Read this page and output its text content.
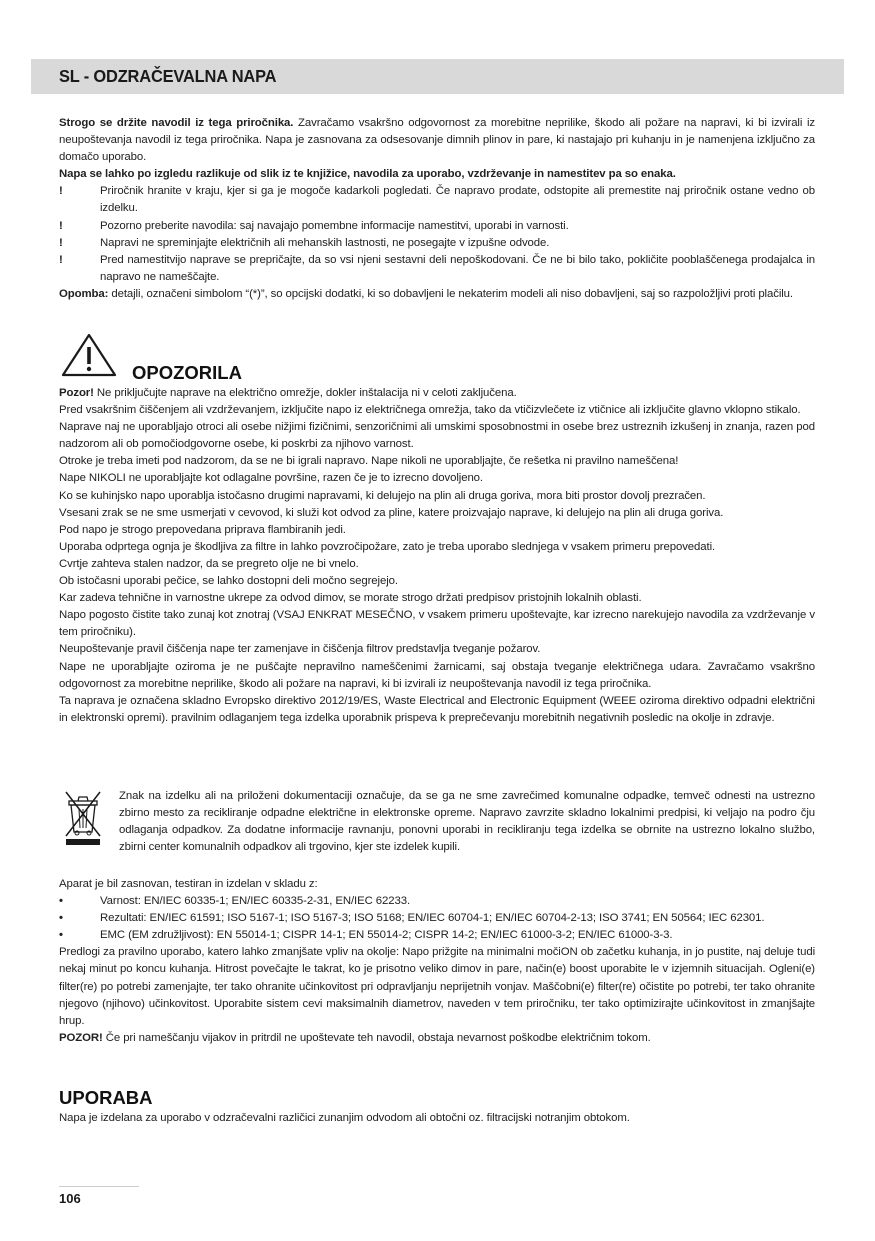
SL - ODZRAČEVALNA NAPA

Strogo se držite navodil iz tega priročnika. Zavračamo vsakršno odgovornost za morebitne neprilike, škodo ali požare na napravi, ki bi izvirali iz neupoštevanja navodil iz tega priročnika. Napa je zasnovana za odsesovanje dimnih plinov in pare, ki nastajajo pri kuhanju in je namenjena izključno za domačo uporabo.

Napa se lahko po izgledu razlikuje od slik iz te knjižice, navodila za uporabo, vzdrževanje in namestitev pa so enaka.

!	Priročnik hranite v kraju, kjer si ga je mogoče kadarkoli pogledati. Če napravo prodate, odstopite ali premestite naj priročnik ostane vedno ob izdelku.
!	Pozorno preberite navodila: saj navajajo pomembne informacije namestitvi, uporabi in varnosti.
!	Napravi ne spreminjajte električnih ali mehanskih lastnosti, ne posegajte v izpušne odvode.
!	Pred namestitvijo naprave se prepričajte, da so vsi njeni sestavni deli nepoškodovani. Če ne bi bilo tako, pokličite pooblaščenega prodajalca in napravo ne nameščajte.

Opomba: detajli, označeni simbolom “(*)”, so opcijski dodatki, ki so dobavljeni le nekaterim modeli ali niso dobavljeni, saj so razpoložljivi proti plačilu.

OPOZORILA

Pozor! Ne priključujte naprave na električno omrežje, dokler inštalacija ni v celoti zaključena.

Pred vsakršnim čiščenjem ali vzdrževanjem, izključite napo iz električnega omrežja, tako da vtičizvlečete iz vtičnice ali izključite glavno vklopno stikalo.

Naprave naj ne uporabljajo otroci ali osebe nižjimi fizičnimi, senzoričnimi ali umskimi sposobnostmi in osebe brez ustreznih izkušenj in znanja, razen pod nadzorom ali ob pomočiodgovorne osebe, ki poskrbi za njihovo varnost.

Otroke je treba imeti pod nadzorom, da se ne bi igrali napravo. Nape nikoli ne uporabljajte, če rešetka ni pravilno nameščena!

Nape NIKOLI ne uporabljajte kot odlagalne površine, razen če je to izrecno dovoljeno.

Ko se kuhinjsko napo uporablja istočasno drugimi napravami, ki delujejo na plin ali druga goriva, mora biti prostor dovolj prezračen.

Vsesani zrak se ne sme usmerjati v cevovod, ki služi kot odvod za pline, katere proizvajajo naprave, ki delujejo na plin ali druga goriva.

Pod napo je strogo prepovedana priprava flambiranih jedi.

Uporaba odprtega ognja je škodljiva za filtre in lahko povzročipožare, zato je treba uporabo slednjega v vsakem primeru prepovedati.

Cvrtje zahteva stalen nadzor, da se pregreto olje ne bi vnelo.

Ob istočasni uporabi pečice, se lahko dostopni deli močno segrejejo.

Kar zadeva tehnične in varnostne ukrepe za odvod dimov, se morate strogo držati predpisov pristojnih lokalnih oblasti.

Napo pogosto čistite tako zunaj kot znotraj (VSAJ ENKRAT MESEČNO, v vsakem primeru upoštevajte, kar izrecno narekujejo navodila za vzdrževanje v tem priročniku).

Neupoštevanje pravil čiščenja nape ter zamenjave in čiščenja filtrov predstavlja tveganje požarov.

Nape ne uporabljajte oziroma je ne puščajte nepravilno nameščenimi žarnicami, saj obstaja tveganje električnega udara. Zavračamo vsakršno odgovornost za morebitne neprilike, škodo ali požare na napravi, ki bi izvirali iz neupoštevanja navodil iz tega priročnika.

Ta naprava je označena skladno Evropsko direktivo 2012/19/ES, Waste Electrical and Electronic Equipment (WEEE oziroma direktivo odpadni električni in elektronski opremi). pravilnim odlaganjem tega izdelka uporabnik prispeva k preprečevanju morebitnih negativnih posledic na okolje in zdravje.

Znak na izdelku ali na priloženi dokumentaciji označuje, da se ga ne sme zavrečimed komunalne odpadke, temveč odnesti na ustrezno zbirno mesto za recikliranje odpadne električne in elektronske opreme. Napravo zavrzite skladno lokalnimi predpisi, ki veljajo na podro čju odlaganja odpadkov. Za dodatne informacije ravnanju, ponovni uporabi in recikliranju tega izdelka se obrnite na ustrezno lokalno službo, zbirni center komunalnih odpadkov ali trgovino, kjer ste izdelek kupili.

Aparat je bil zasnovan, testiran in izdelan v skladu z:

•	Varnost: EN/IEC 60335-1; EN/IEC 60335-2-31, EN/IEC 62233.
•	Rezultati: EN/IEC 61591; ISO 5167-1; ISO 5167-3; ISO 5168; EN/IEC 60704-1; EN/IEC 60704-2-13; ISO 3741; EN 50564; IEC 62301.
•	EMC (EM združljivost): EN 55014-1; CISPR 14-1; EN 55014-2; CISPR 14-2; EN/IEC 61000-3-2; EN/IEC 61000-3-3.

Predlogi za pravilno uporabo, katero lahko zmanjšate vpliv na okolje: Napo prižgite na minimalni močiON ob začetku kuhanja, in jo pustite, naj deluje tudi nekaj minut po koncu kuhanja. Hitrost povečajte le takrat, ko je prisotno veliko dimov in pare, način(e) boost uporabite le v izjemnih situacijah. Ogleni(e) filter(re) po potrebi zamenjajte, ter tako ohranite učinkovitost pri odpravljanju neprijetnih vonjav. Maščobni(e) filter(re) očistite po potrebi, ter tako ohranite njegovo (njihovo) učinkovitost. Uporabite sistem cevi maksimalnih diametrov, naveden v tem priročniku, ter tako optimizirajte učinkovitost in zmanjšajte hrup.

POZOR! Če pri nameščanju vijakov in pritrdil ne upoštevate teh navodil, obstaja nevarnost poškodbe električnim tokom.

UPORABA

Napa je izdelana za uporabo v odzračevalni različici zunanjim odvodom ali obtočni oz. filtracijski notranjim obtokom.

106
